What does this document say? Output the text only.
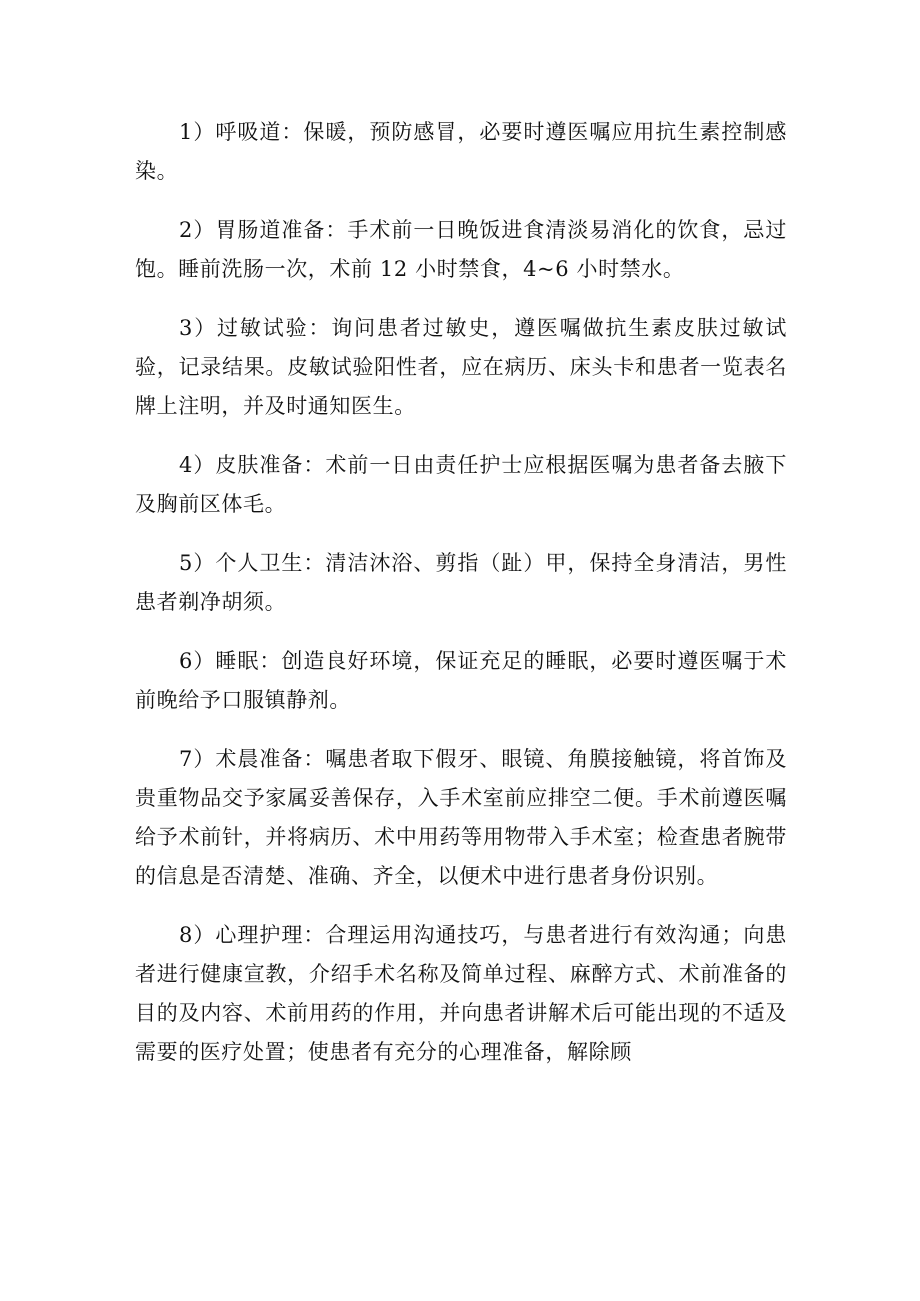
1）呼吸道：保暖，预防感冒，必要时遵医嘱应用抗生素控制感染。

2）胃肠道准备：手术前一日晚饭进食清淡易消化的饮食，忌过饱。睡前洗肠一次，术前 12 小时禁食，4~6 小时禁水。

3）过敏试验：询问患者过敏史，遵医嘱做抗生素皮肤过敏试验，记录结果。皮敏试验阳性者，应在病历、床头卡和患者一览表名牌上注明，并及时通知医生。

4）皮肤准备：术前一日由责任护士应根据医嘱为患者备去腋下及胸前区体毛。

5）个人卫生：清洁沐浴、剪指（趾）甲，保持全身清洁，男性患者剃净胡须。

6）睡眠：创造良好环境，保证充足的睡眠，必要时遵医嘱于术前晚给予口服镇静剂。

7）术晨准备：嘱患者取下假牙、眼镜、角膜接触镜，将首饰及贵重物品交予家属妥善保存，入手术室前应排空二便。手术前遵医嘱给予术前针，并将病历、术中用药等用物带入手术室；检查患者腕带的信息是否清楚、准确、齐全，以便术中进行患者身份识别。

8）心理护理：合理运用沟通技巧，与患者进行有效沟通；向患者进行健康宣教，介绍手术名称及简单过程、麻醉方式、术前准备的目的及内容、术前用药的作用，并向患者讲解术后可能出现的不适及需要的医疗处置；使患者有充分的心理准备，解除顾
